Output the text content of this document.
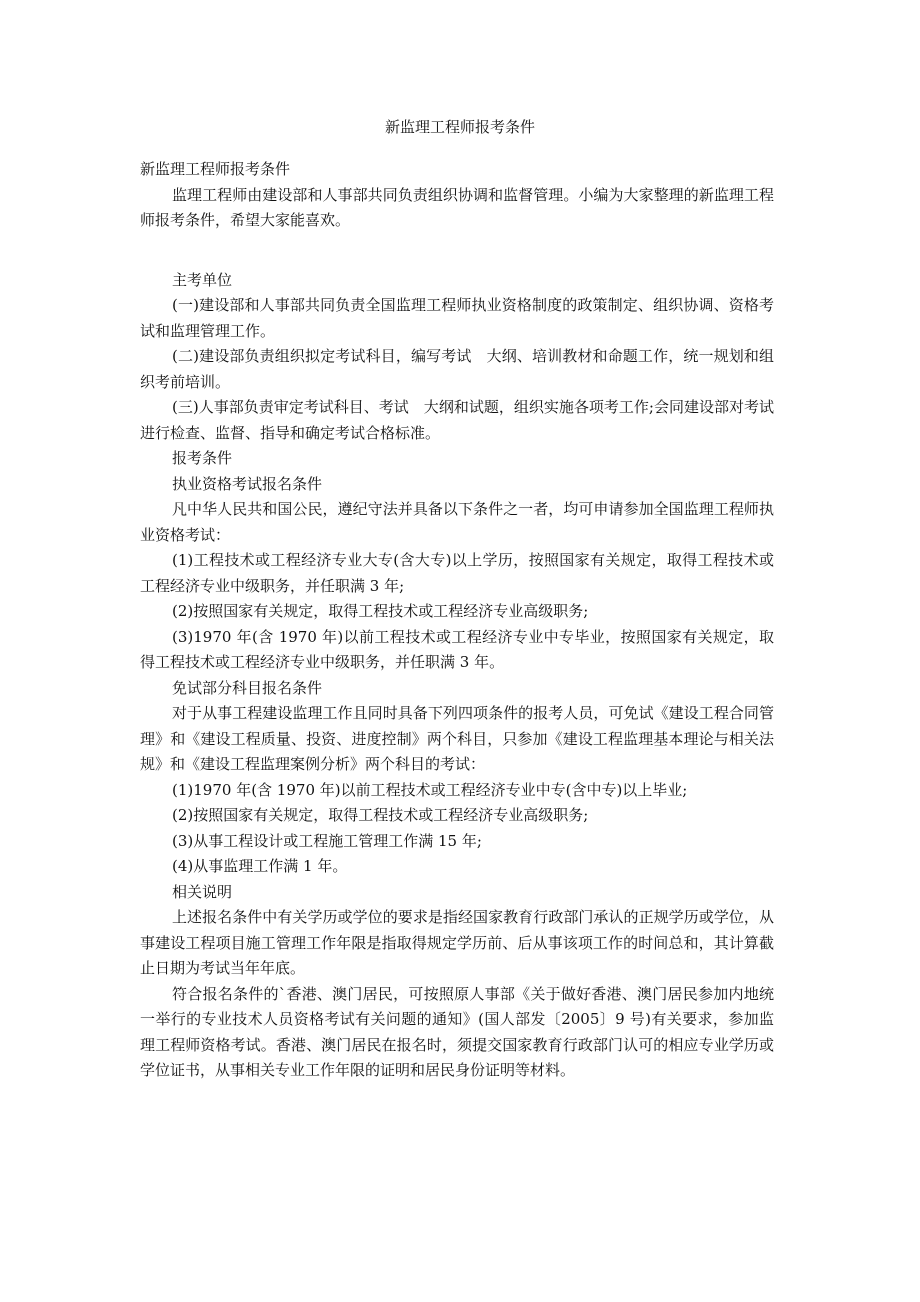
新监理工程师报考条件

新监理工程师报考条件

监理工程师由建设部和人事部共同负责组织协调和监督管理。小编为大家整理的新监理工程师报考条件，希望大家能喜欢。

主考单位

(一)建设部和人事部共同负责全国监理工程师执业资格制度的政策制定、组织协调、资格考试和监理管理工作。

(二)建设部负责组织拟定考试科目，编写考试　大纲、培训教材和命题工作，统一规划和组织考前培训。

(三)人事部负责审定考试科目、考试　大纲和试题，组织实施各项考工作;会同建设部对考试进行检查、监督、指导和确定考试合格标准。

报考条件

执业资格考试报名条件

凡中华人民共和国公民，遵纪守法并具备以下条件之一者，均可申请参加全国监理工程师执业资格考试：

(1)工程技术或工程经济专业大专(含大专)以上学历，按照国家有关规定，取得工程技术或工程经济专业中级职务，并任职满 3 年;

(2)按照国家有关规定，取得工程技术或工程经济专业高级职务;

(3)1970 年(含 1970 年)以前工程技术或工程经济专业中专毕业，按照国家有关规定，取得工程技术或工程经济专业中级职务，并任职满 3 年。

免试部分科目报名条件

对于从事工程建设监理工作且同时具备下列四项条件的报考人员，可免试《建设工程合同管理》和《建设工程质量、投资、进度控制》两个科目，只参加《建设工程监理基本理论与相关法规》和《建设工程监理案例分析》两个科目的考试：

(1)1970 年(含 1970 年)以前工程技术或工程经济专业中专(含中专)以上毕业;

(2)按照国家有关规定，取得工程技术或工程经济专业高级职务;

(3)从事工程设计或工程施工管理工作满 15 年;

(4)从事监理工作满 1 年。

相关说明

上述报名条件中有关学历或学位的要求是指经国家教育行政部门承认的正规学历或学位，从事建设工程项目施工管理工作年限是指取得规定学历前、后从事该项工作的时间总和，其计算截止日期为考试当年年底。

符合报名条件的`香港、澳门居民，可按照原人事部《关于做好香港、澳门居民参加内地统一举行的专业技术人员资格考试有关问题的通知》(国人部发〔2005〕9 号)有关要求，参加监理工程师资格考试。香港、澳门居民在报名时，须提交国家教育行政部门认可的相应专业学历或学位证书，从事相关专业工作年限的证明和居民身份证明等材料。
